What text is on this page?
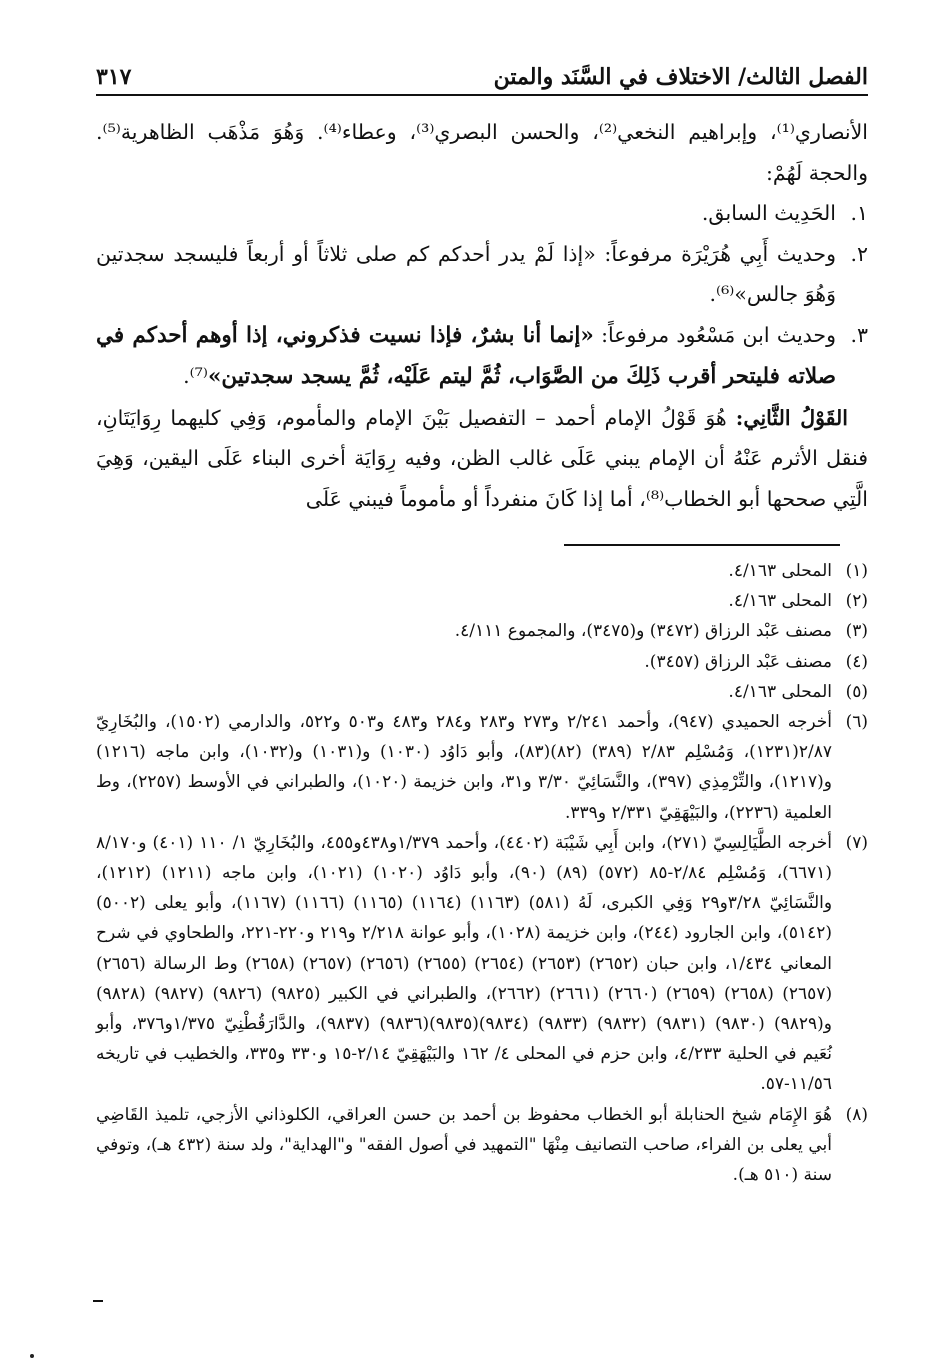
الفصل الثالث/ الاختلاف في السَّنَد والمتن
٣١٧

الأنصاري⁽¹⁾، وإبراهيم النخعي⁽²⁾، والحسن البصري⁽³⁾، وعطاء⁽⁴⁾. وَهُوَ مَذْهَب الظاهرية⁽⁵⁾. والحجة لَهُمْ:

١.
الحَدِيث السابق.
٢.
وحديث أَبِي هُرَيْرَة مرفوعاً: «إذا لَمْ يدر أحدكم كم صلى ثلاثاً أو أربعاً فليسجد سجدتين وَهُوَ جالس»⁽⁶⁾.
٣.
وحديث ابن مَسْعُود مرفوعاً: «إنما أنا بشرٌ، فإذا نسيت فذكروني، إذا أوهم أحدكم في صلاته فليتحر أقرب ذَلِكَ من الصَّوَاب، ثُمَّ ليتم عَلَيْه، ثُمَّ يسجد سجدتين»⁽⁷⁾.

القَوْلُ الثَّانِي: هُوَ قَوْلُ الإمام أحمد – التفصيل بَيْنَ الإمام والمأموم، وَفِي كليهما رِوَايَتَانِ، فنقل الأثرم عَنْهُ أن الإمام يبني عَلَى غالب الظن، وفيه رِوَايَة أخرى البناء عَلَى اليقين، وَهِيَ الَّتِي صححها أبو الخطاب⁽⁸⁾، أما إذا كَانَ منفرداً أو مأموماً فيبني عَلَى

(١)
المحلى ٤/١٦٣.

(٢)
المحلى ٤/١٦٣.

(٣)
مصنف عَبْد الرزاق (٣٤٧٢) و(٣٤٧٥)، والمجموع ٤/١١١.

(٤)
مصنف عَبْد الرزاق (٣٤٥٧).

(٥)
المحلى ٤/١٦٣.

(٦)
أخرجه الحميدي (٩٤٧)، وأحمد ٢/٢٤١ و٢٧٣ و٢٨٣ و٢٨٤ و٤٨٣ و٥٠٣ و٥٢٢، والدارمي (١٥٠٢)، والبُخَارِيّ ٢/٨٧(١٢٣١)، وَمُسْلِم ٢/٨٣ (٣٨٩) (٨٢)(٨٣)، وأبو دَاوُد (١٠٣٠) و(١٠٣١) و(١٠٣٢)، وابن ماجه (١٢١٦) و(١٢١٧)، والتِّرْمِذِي (٣٩٧)، والنَّسَائِيّ ٣/٣٠ و٣١، وابن خزيمة (١٠٢٠)، والطبراني في الأوسط (٢٢٥٧)، وط العلمية (٢٢٣٦)، والبَيْهَقِيّ ٢/٣٣١ و٣٣٩.

(٧)
أخرجه الطَّيَالِسِيّ (٢٧١)، وابن أَبِي شَيْبَة (٤٤٠٢)، وأحمد ١/٣٧٩و٤٣٨و٤٥٥، والبُخَارِيّ ١/ ١١٠ (٤٠١) و٨/١٧٠ (٦٦٧١)، وَمُسْلِم ٢/٨٤-٨٥ (٥٧٢) (٨٩) (٩٠)، وأبو دَاوُد (١٠٢٠) (١٠٢١)، وابن ماجه (١٢١١) (١٢١٢)، والنَّسَائِيّ ٣/٢٨و٢٩ وَفِي الكبرى، لَهُ (٥٨١) (١١٦٣) (١١٦٤) (١١٦٥) (١١٦٦) (١١٦٧)، وأبو يعلى (٥٠٠٢) (٥١٤٢)، وابن الجارود (٢٤٤)، وابن خزيمة (١٠٢٨)، وأبو عوانة ٢/٢١٨ و٢١٩ و٢٢٠-٢٢١، والطحاوي في شرح المعاني ١/٤٣٤، وابن حبان (٢٦٥٢) (٢٦٥٣) (٢٦٥٤) (٢٦٥٥) (٢٦٥٦) (٢٦٥٧) (٢٦٥٨) وط الرسالة (٢٦٥٦) (٢٦٥٧) (٢٦٥٨) (٢٦٥٩) (٢٦٦٠) (٢٦٦١) (٢٦٦٢)، والطبراني في الكبير (٩٨٢٥) (٩٨٢٦) (٩٨٢٧) (٩٨٢٨) و(٩٨٢٩) (٩٨٣٠) (٩٨٣١) (٩٨٣٢) (٩٨٣٣) (٩٨٣٤)(٩٨٣٥)(٩٨٣٦) (٩٨٣٧)، والدَّارَقُطْنِيّ ١/٣٧٥و٣٧٦، وأبو نُعَيم في الحلية ٤/٢٣٣، وابن حزم في المحلى ٤/ ١٦٢ والبَيْهَقِيّ ٢/١٤-١٥ و٣٣٠ و٣٣٥، والخطيب في تاريخه ١١/٥٦-٥٧.

(٨)
هُوَ الإِمَام شيخ الحنابلة أبو الخطاب محفوظ بن أحمد بن حسن العراقي، الكلوذاني الأزجي، تلميذ القَاضِي أبي يعلى بن الفراء، صاحب التصانيف مِنْهَا "التمهيد في أصول الفقه" و"الهداية"، ولد سنة (٤٣٢ هـ)، وتوفي سنة (٥١٠ هـ).
